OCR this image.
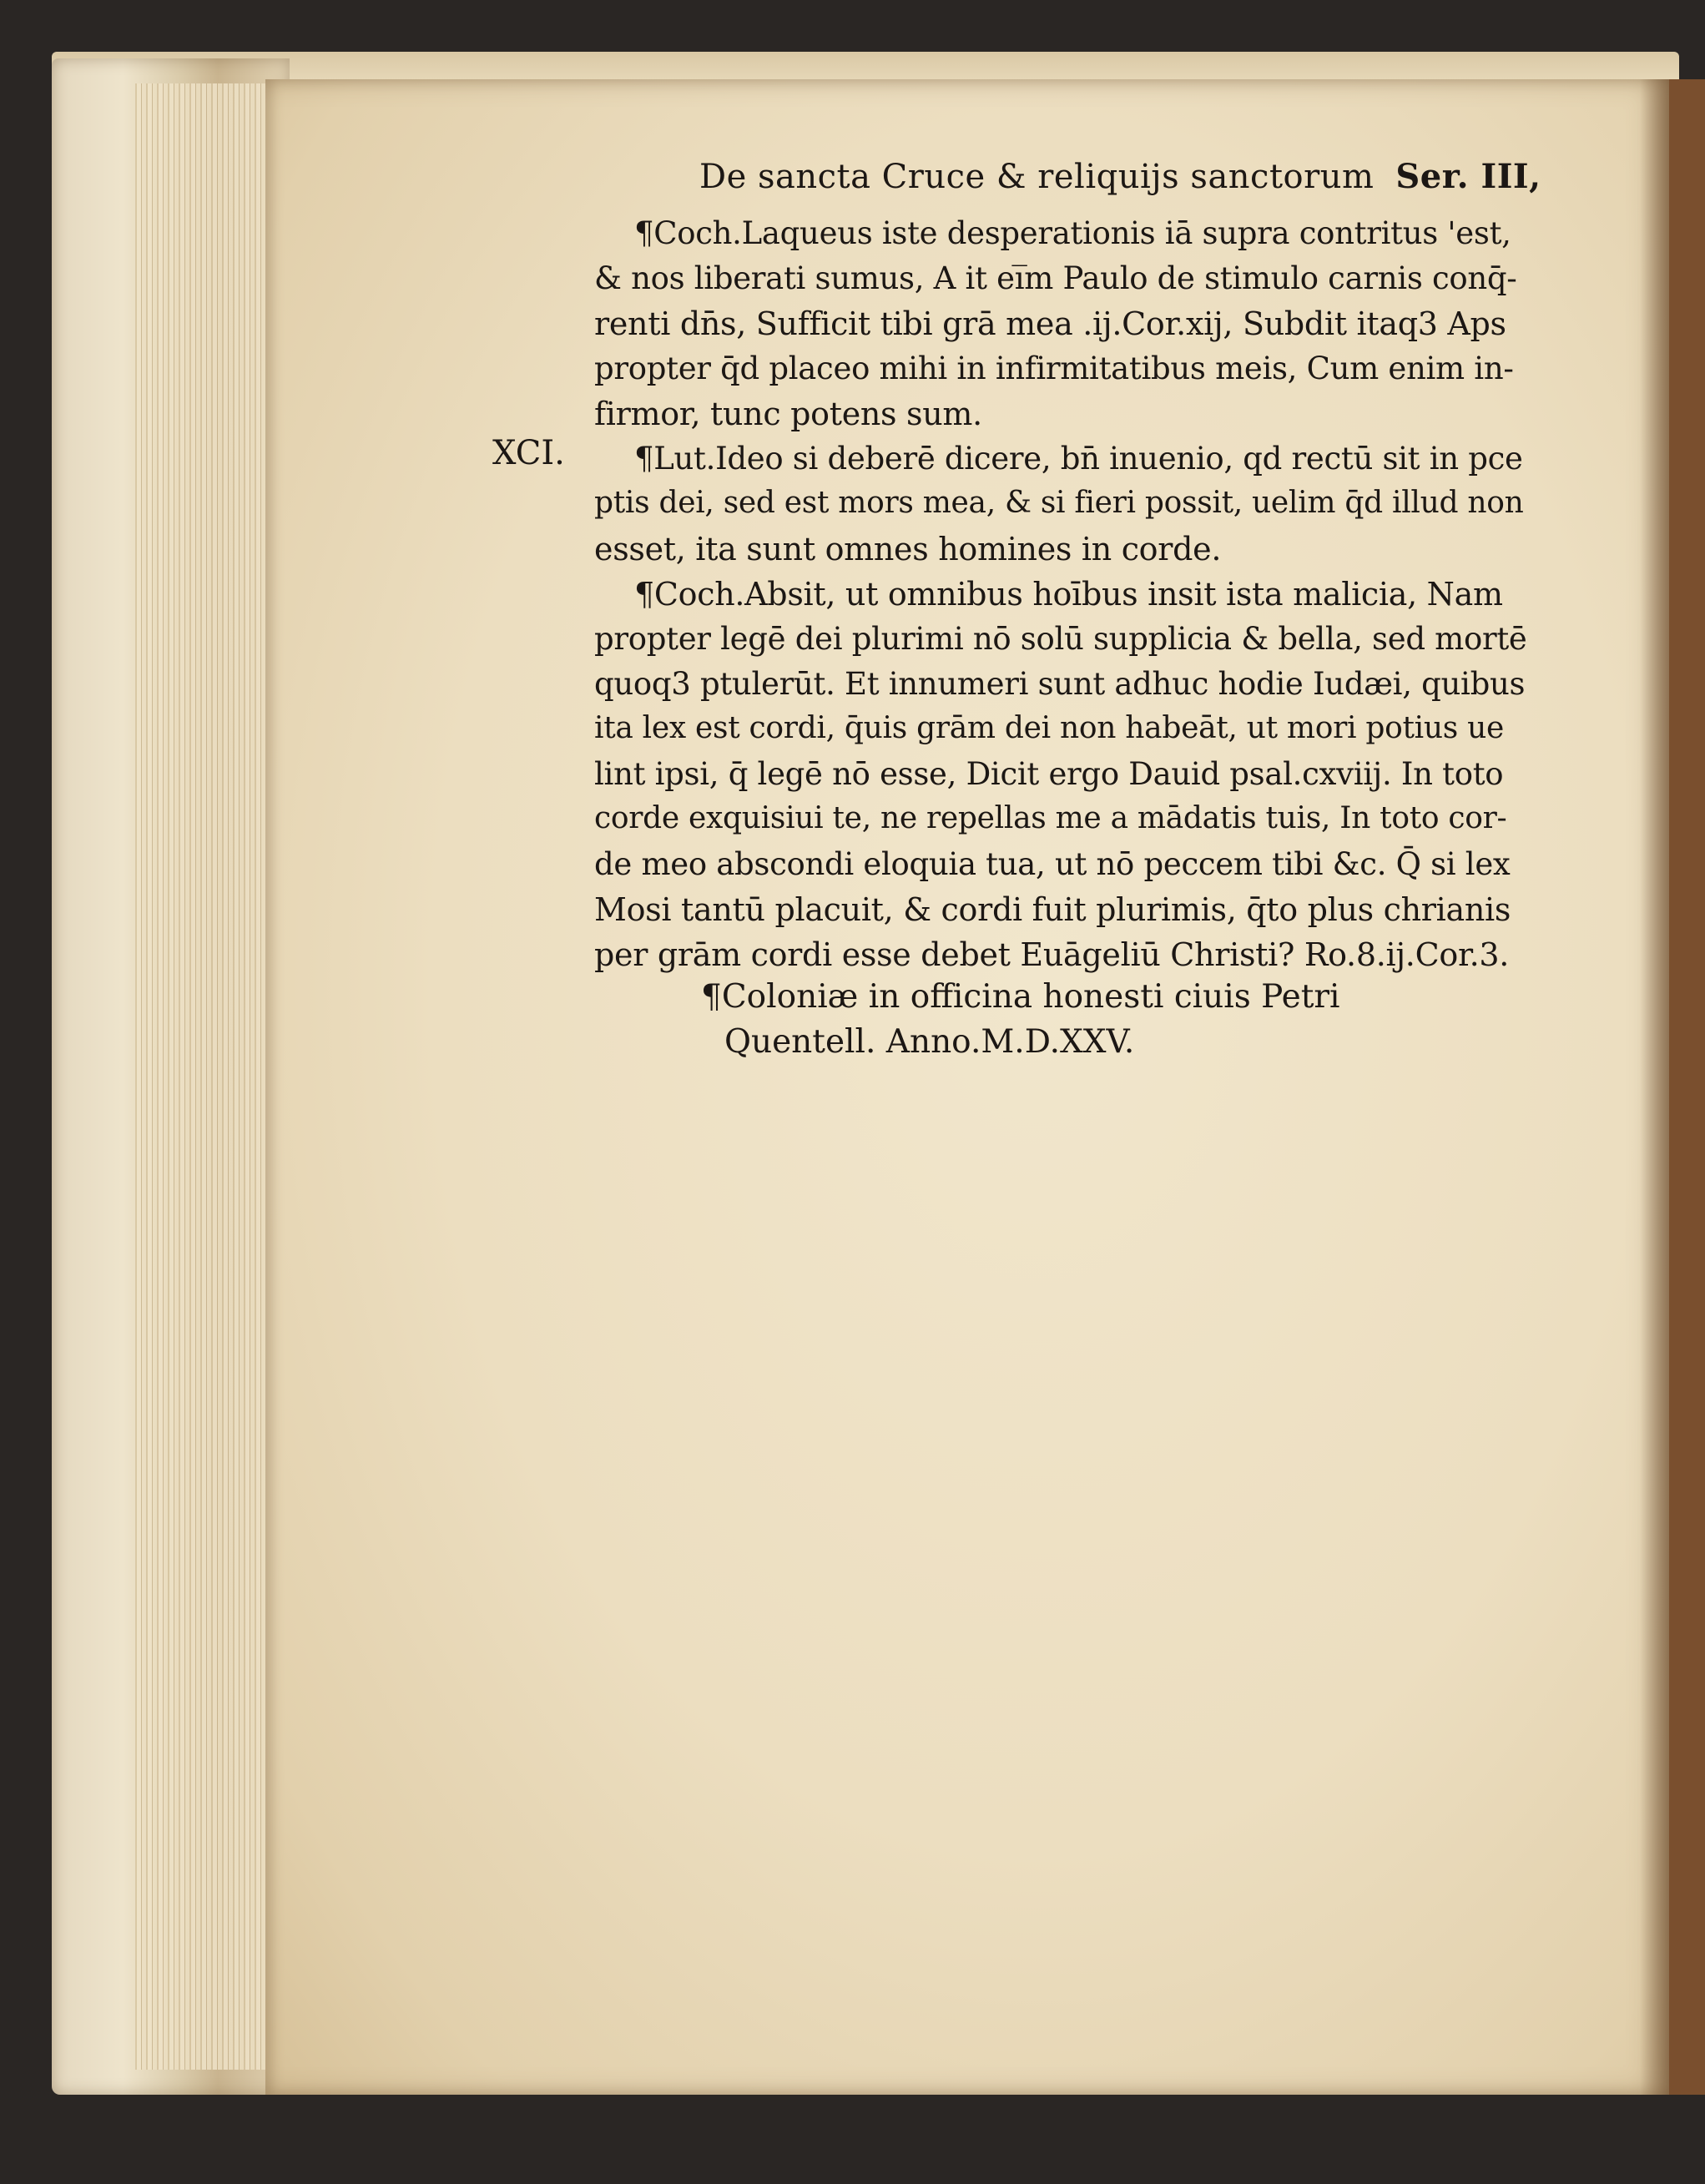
De sancta Cruce & reliquijs sanctorum Ser. III,
XCI.
¶Coch.Laqueus iste desperationis iā supra contritus 'est,
& nos liberati sumus, A it ei̅m Paulo de stimulo carnis conq̄-
renti dn̄s, Sufficit tibi grā mea .ij.Cor.xij, Subdit itaq3 Aps
propter q̄d placeo mihi in infirmitatibus meis, Cum enim in-
firmor, tunc potens sum.
¶Lut.Ideo si deberē dicere, bn̄ inuenio, qd rectū sit in pce
ptis dei, sed est mors mea, & si fieri possit, uelim q̄d illud non
esset, ita sunt omnes homines in corde.
¶Coch.Absit, ut omnibus hoībus insit ista malicia, Nam
propter legē dei plurimi nō solū supplicia & bella, sed mortē
quoq3 ptulerūt. Et innumeri sunt adhuc hodie Iudæi, quibus
ita lex est cordi, q̄uis grām dei non habeāt, ut mori potius ue
lint ipsi, q̄ legē nō esse, Dicit ergo Dauid psal.cxviij. In toto
corde exquisiui te, ne repellas me a mādatis tuis, In toto cor-
de meo abscondi eloquia tua, ut nō peccem tibi &c. Q̄ si lex
Mosi tantū placuit, & cordi fuit plurimis, q̄to plus chrianis
per grām cordi esse debet Euāgeliū Christi? Ro.8.ij.Cor.3.
¶Coloniæ in officina honesti ciuis Petri
Quentell. Anno.M.D.XXV.
